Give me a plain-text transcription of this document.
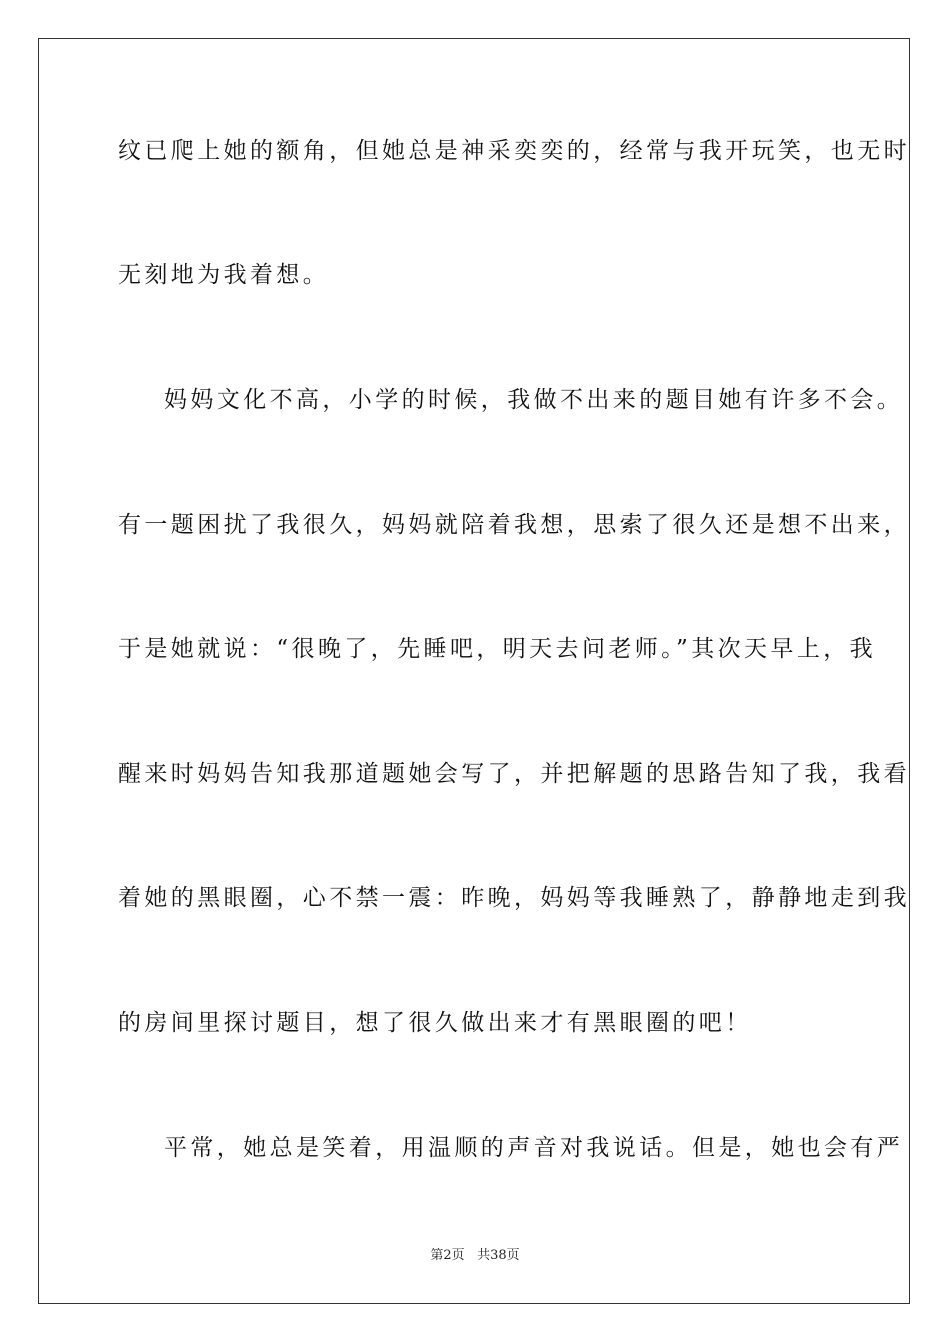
纹已爬上她的额角，但她总是神采奕奕的，经常与我开玩笑，也无时
无刻地为我着想。
妈妈文化不高，小学的时候，我做不出来的题目她有许多不会。
有一题困扰了我很久，妈妈就陪着我想，思索了很久还是想不出来，
于是她就说：“很晚了，先睡吧，明天去问老师。”其次天早上，我
醒来时妈妈告知我那道题她会写了，并把解题的思路告知了我，我看
着她的黑眼圈，心不禁一震：昨晚，妈妈等我睡熟了，静静地走到我
的房间里探讨题目，想了很久做出来才有黑眼圈的吧！
平常，她总是笑着，用温顺的声音对我说话。但是，她也会有严
第2页 共38页
